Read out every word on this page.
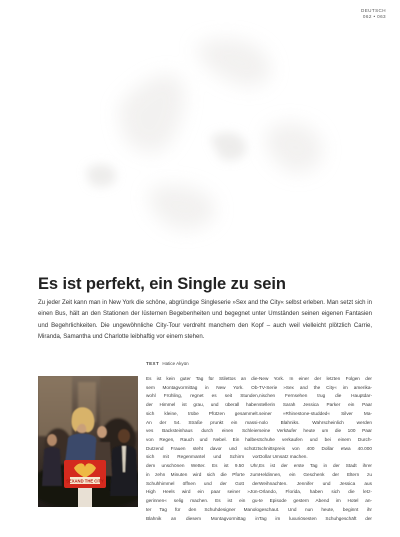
DEUTSCH
062 • 063
Es ist perfekt, ein Single zu sein

Zu jeder Zeit kann man in New York die schöne, abgründige Singleserie »Sex and the City« selbst erleben. Man setzt sich in einen Bus, hält an den Stationen der lüsternen Begebenheiten und begegnet unter Umständen seinen eigenen Fantasien und Begehrlichkeiten. Die ungewöhnliche City-Tour verdreht manchem den Kopf – auch weil vielleicht plötzlich Carrie, Miranda, Samantha und Charlotte leibhaftig vor einem stehen.

TEXT Hatice Akyün
SEXAND THE CITY
Es ist kein guter Tag für Stilettos an die-
sem Montagvormittag in New York. Ob-
wohl Frühling, regnet es seit Stunden,
der Himmel ist grau, und überall haben
sich kleine, trübe Pfützen gesammelt.
An der 54. Straße prunkt ein massi-
ves Backsteinhaus durch einen Schleier
von Regen, Rauch und Nebel. Ein halbes
Dutzend Frauen steht davor und schützt
sich mit Regenmantel und Schirm vor
dem unschönen Wetter. Es ist 9.50 Uhr,
in zehn Minuten wird sich die Pforte zum
Schuhhimmel öffnen und der Gott der
High Heels wird ein paar seiner »Jün-
gerinnen« selig machen. Es ist ein gu-
ter Tag für den Schuhdesigner Manolo
Blahnik an diesem Montagvormittag in
New York. In einer der letzten Folgen der
TV-Serie »Sex and the City« im amerika-
nischen Fernsehen trug die Hauptdar-
stellerin Sarah Jessica Parker ein Paar
seiner »Rhinestone-studded« Silver Ma-
nolo Blahniks. Wahrscheinlich werden
seine Verkäufer heute um die 100 Paar
Schuhe verkaufen und bei einem Durch-
schnittspreis von 400 Dollar etwa 40.000
Dollar Umsatz machen.
Es ist der erste Tag in der Stadt ihrer
Heldinnen, ein Geschenk der Eltern zu
Weihnachten. Jennifer und Jessica aus
Orlando, Florida, haben sich die letz-
te Episode gestern Abend im Hotel an-
geschaut. Und nun heute, beginnt ihr
Tag im luxuriösesten Schuhgeschäft der
